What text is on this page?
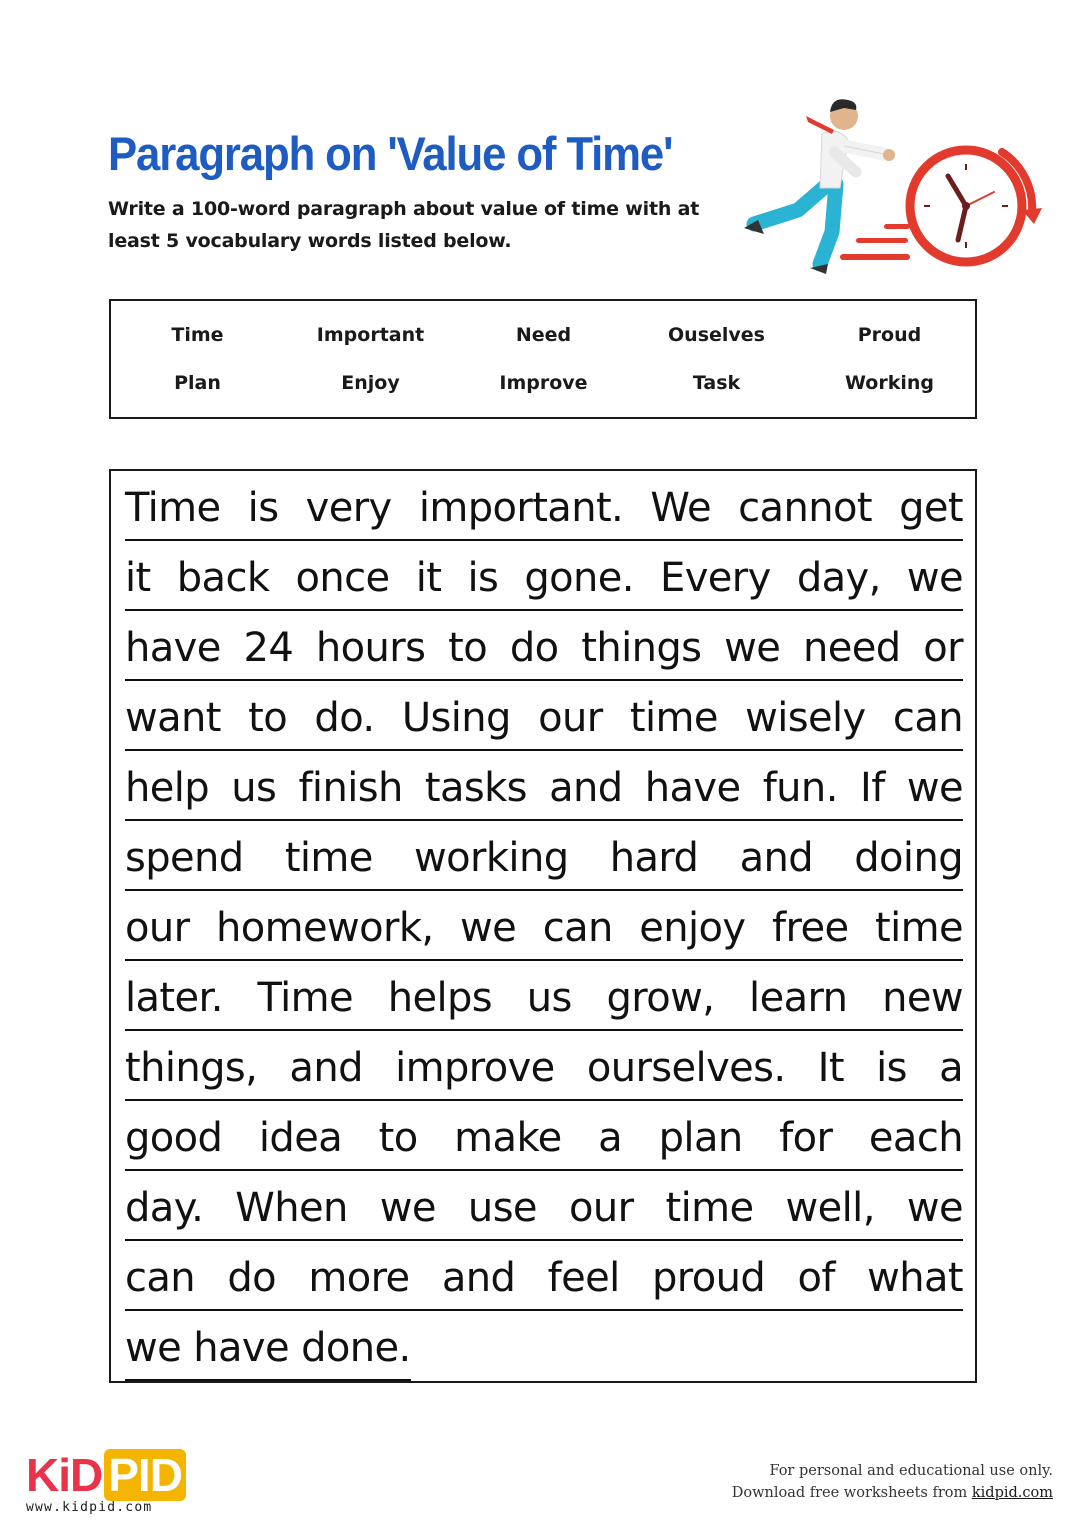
Paragraph on 'Value of Time'
Write a 100-word paragraph about value of time with at least 5 vocabulary words listed below.
Time	Important	Need	Ouselves	Proud
Plan	Enjoy	Improve	Task	Working
Time is very important. We cannot get
it back once it is gone. Every day, we
have 24 hours to do things we need or
want to do. Using our time wisely can
help us finish tasks and have fun. If we
spend time working hard and doing
our homework, we can enjoy free time
later. Time helps us grow, learn new
things, and improve ourselves. It is a
good idea to make a plan for each
day. When we use our time well, we
can do more and feel proud of what
we have done.
KiD PID
www.kidpid.com
For personal and educational use only.
Download free worksheets from kidpid.com
